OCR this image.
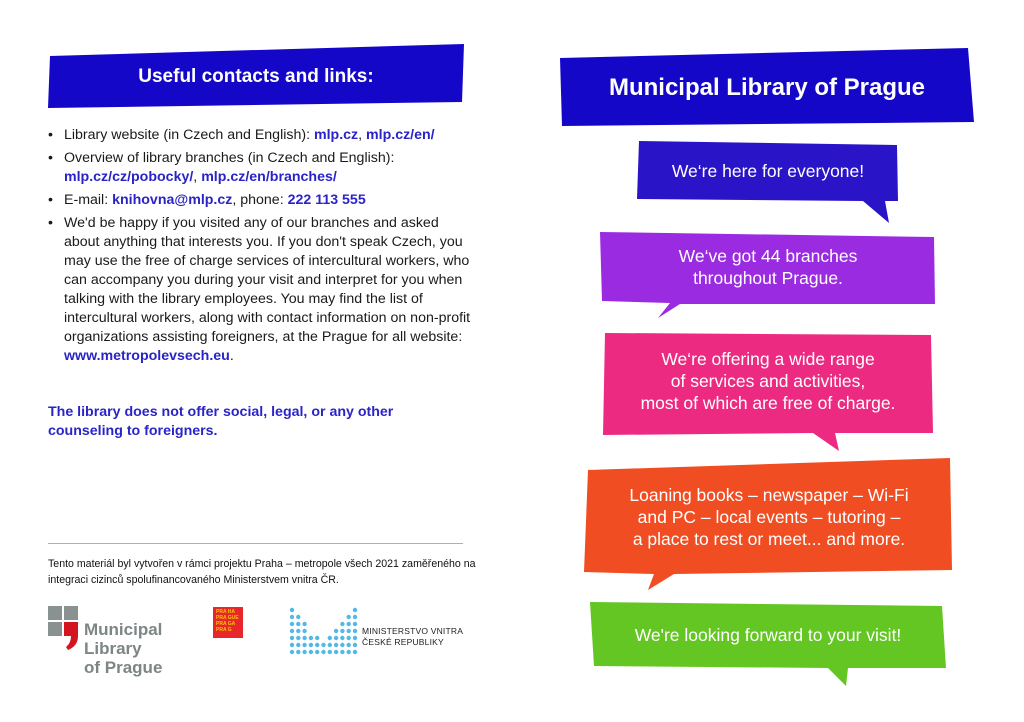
Useful contacts and links:
• Library website (in Czech and English): mlp.cz, mlp.cz/en/
• Overview of library branches (in Czech and English):
mlp.cz/cz/pobocky/, mlp.cz/en/branches/
• E-mail: knihovna@mlp.cz, phone: 222 113 555
• We'd be happy if you visited any of our branches and asked about anything that interests you. If you don't speak Czech, you may use the free of charge services of intercultural workers, who can accompany you during your visit and interpret for you when talking with the library employees. You may find the list of intercultural workers, along with contact information on non-profit organizations assisting foreigners, at the Prague for all website: www.metropolevsech.eu.
The library does not offer social, legal, or any other counseling to foreigners.
Tento materiál byl vytvořen v rámci projektu Praha – metropole všech 2021 zaměřeného na integraci cizinců spolufinancovaného Ministerstvem vnitra ČR.
Municipal
Library
of Prague
PRA HA
PRA GUE
PRA GA
PRA G	MINISTERSTVO VNITRA
ČESKÉ REPUBLIKY
Municipal Library of Prague
We‘re here for everyone!
We‘ve got 44 branches
throughout Prague.
We‘re offering a wide range
of services and activities,
most of which are free of charge.
Loaning books – newspaper – Wi-Fi
and PC – local events – tutoring –
a place to rest or meet... and more.
We're looking forward to your visit!
